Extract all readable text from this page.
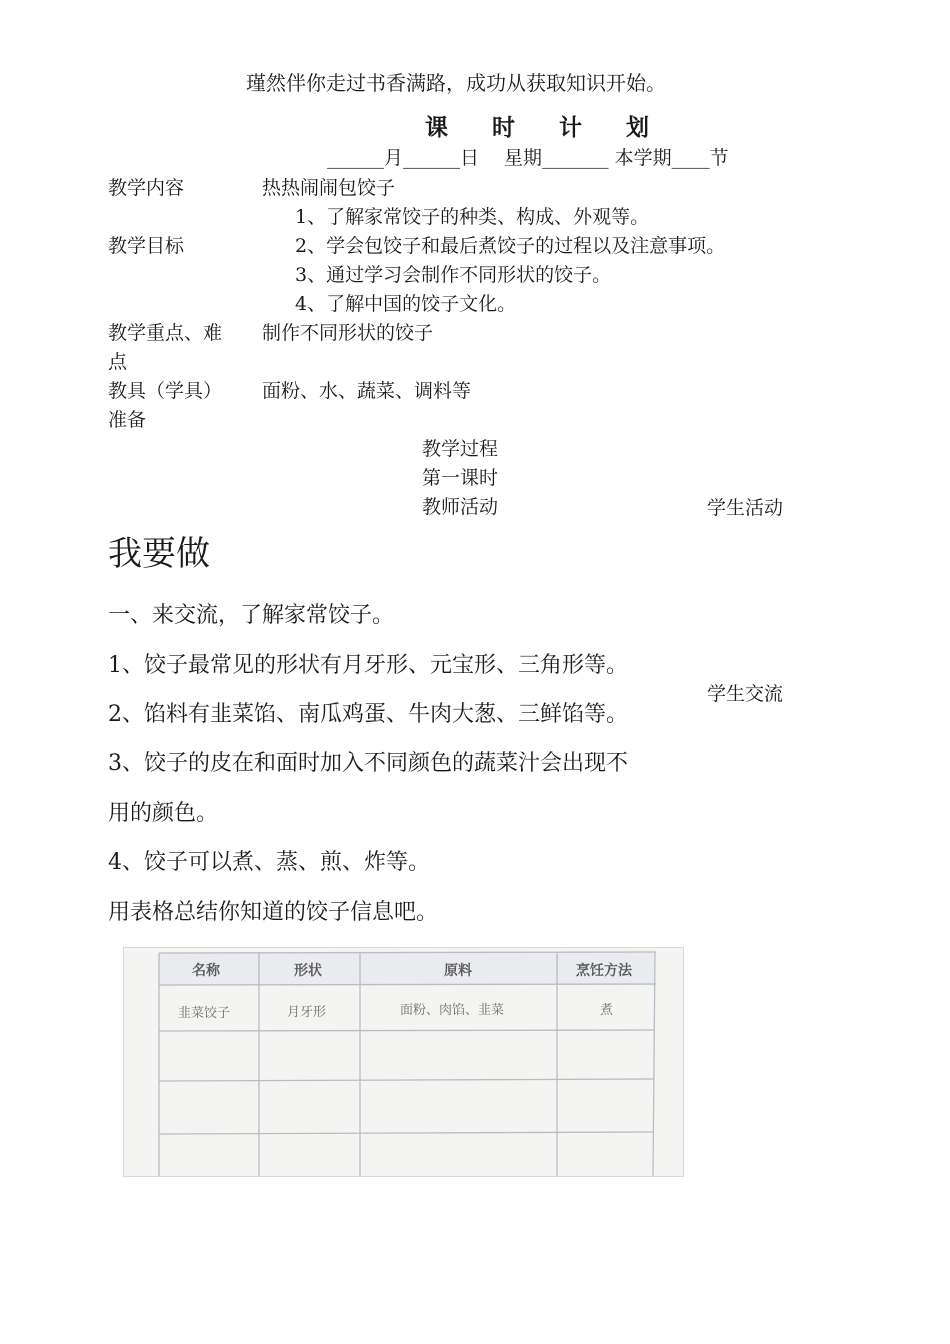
瑾然伴你走过书香满路，成功从获取知识开始。
课 时 计 划
______月______日　 星期_______ 本学期____节
教学内容	热热闹闹包饺子
1、了解家常饺子的种类、构成、外观等。
教学目标	2、学会包饺子和最后煮饺子的过程以及注意事项。
3、通过学习会制作不同形状的饺子。
4、了解中国的饺子文化。
教学重点、难 制作不同形状的饺子
点
教具（学具） 面粉、水、蔬菜、调料等
准备
教学过程
第一课时
教师活动	学生活动
我要做
一、来交流，了解家常饺子。
1、饺子最常见的形状有月牙形、元宝形、三角形等。
学生交流
2、馅料有韭菜馅、南瓜鸡蛋、牛肉大葱、三鲜馅等。
3、饺子的皮在和面时加入不同颜色的蔬菜汁会出现不
用的颜色。
4、饺子可以煮、蒸、煎、炸等。
用表格总结你知道的饺子信息吧。
名称	形状	原料	烹饪方法
韭菜饺子	月牙形	面粉、肉馅、韭菜	煮
